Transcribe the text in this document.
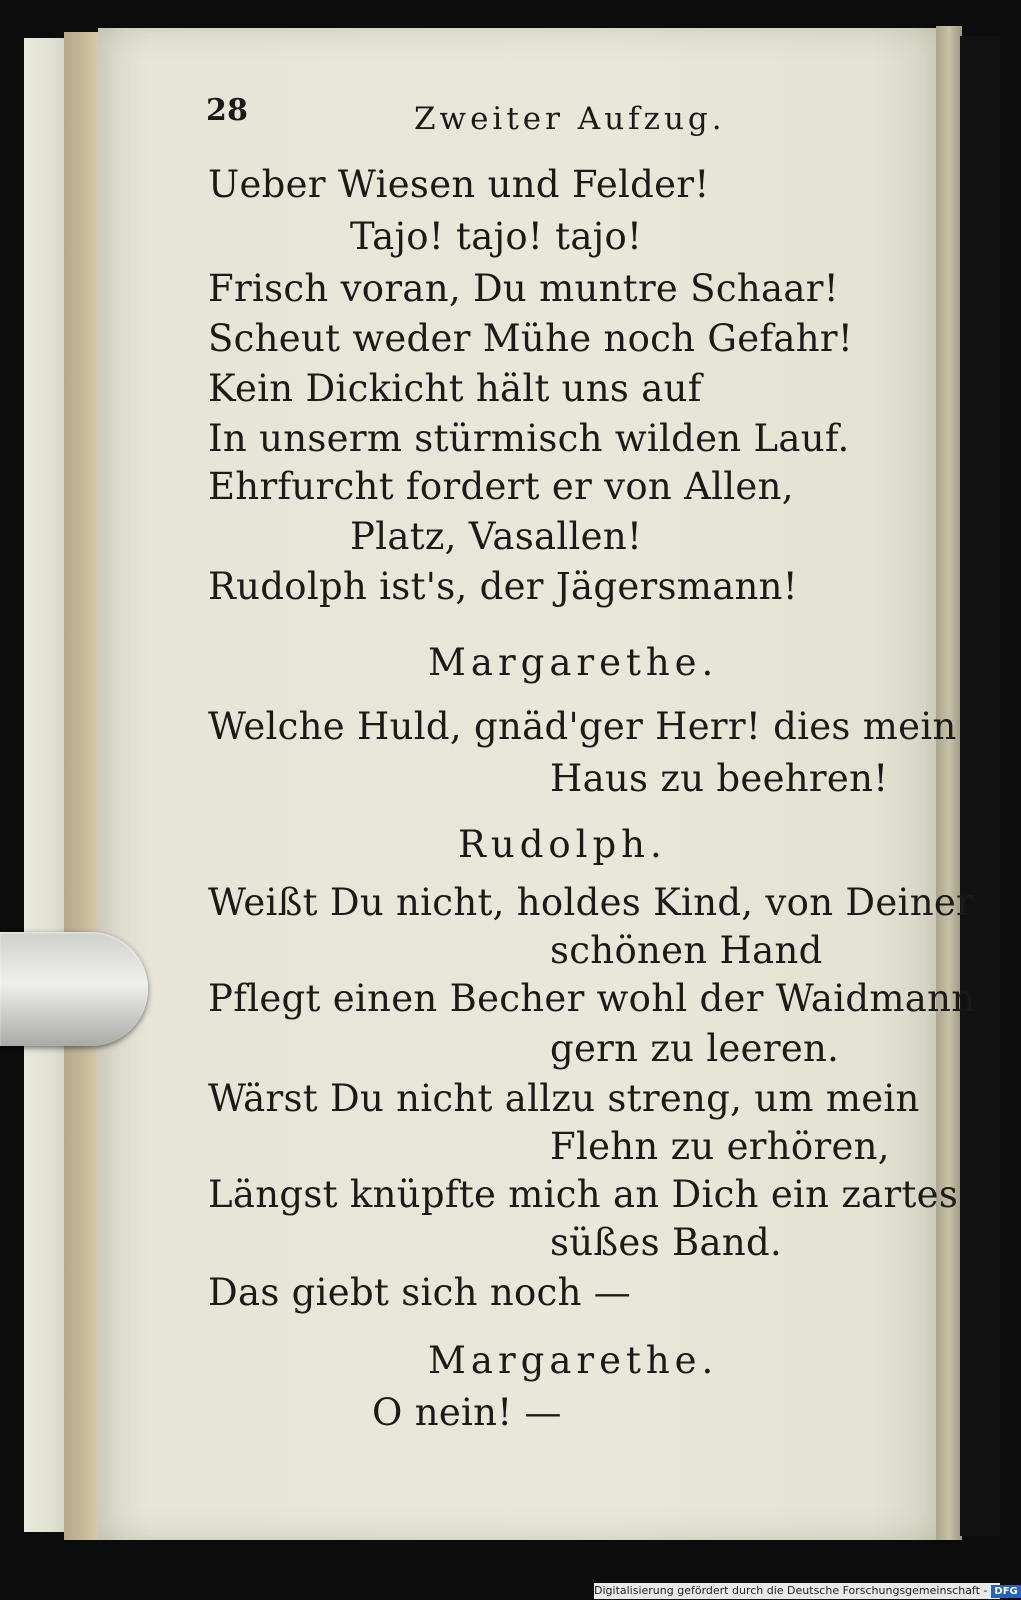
28	Zweiter Aufzug.
Ueber Wiesen und Felder!
Tajo! tajo! tajo!
Frisch voran, Du muntre Schaar!
Scheut weder Mühe noch Gefahr!
Kein Dickicht hält uns auf
In unserm stürmisch wilden Lauf.
Ehrfurcht fordert er von Allen,
Platz, Vasallen!
Rudolph ist's, der Jägersmann!
Margarethe.
Welche Huld, gnäd'ger Herr! dies mein
Haus zu beehren!
Rudolph.
Weißt Du nicht, holdes Kind, von Deiner
schönen Hand
Pflegt einen Becher wohl der Waidmann
gern zu leeren.
Wärst Du nicht allzu streng, um mein
Flehn zu erhören,
Längst knüpfte mich an Dich ein zartes
süßes Band.
Das giebt sich noch —
Margarethe.
O nein! —
Digitalisierung gefördert durch die Deutsche Forschungsgemeinschaft - DFG
